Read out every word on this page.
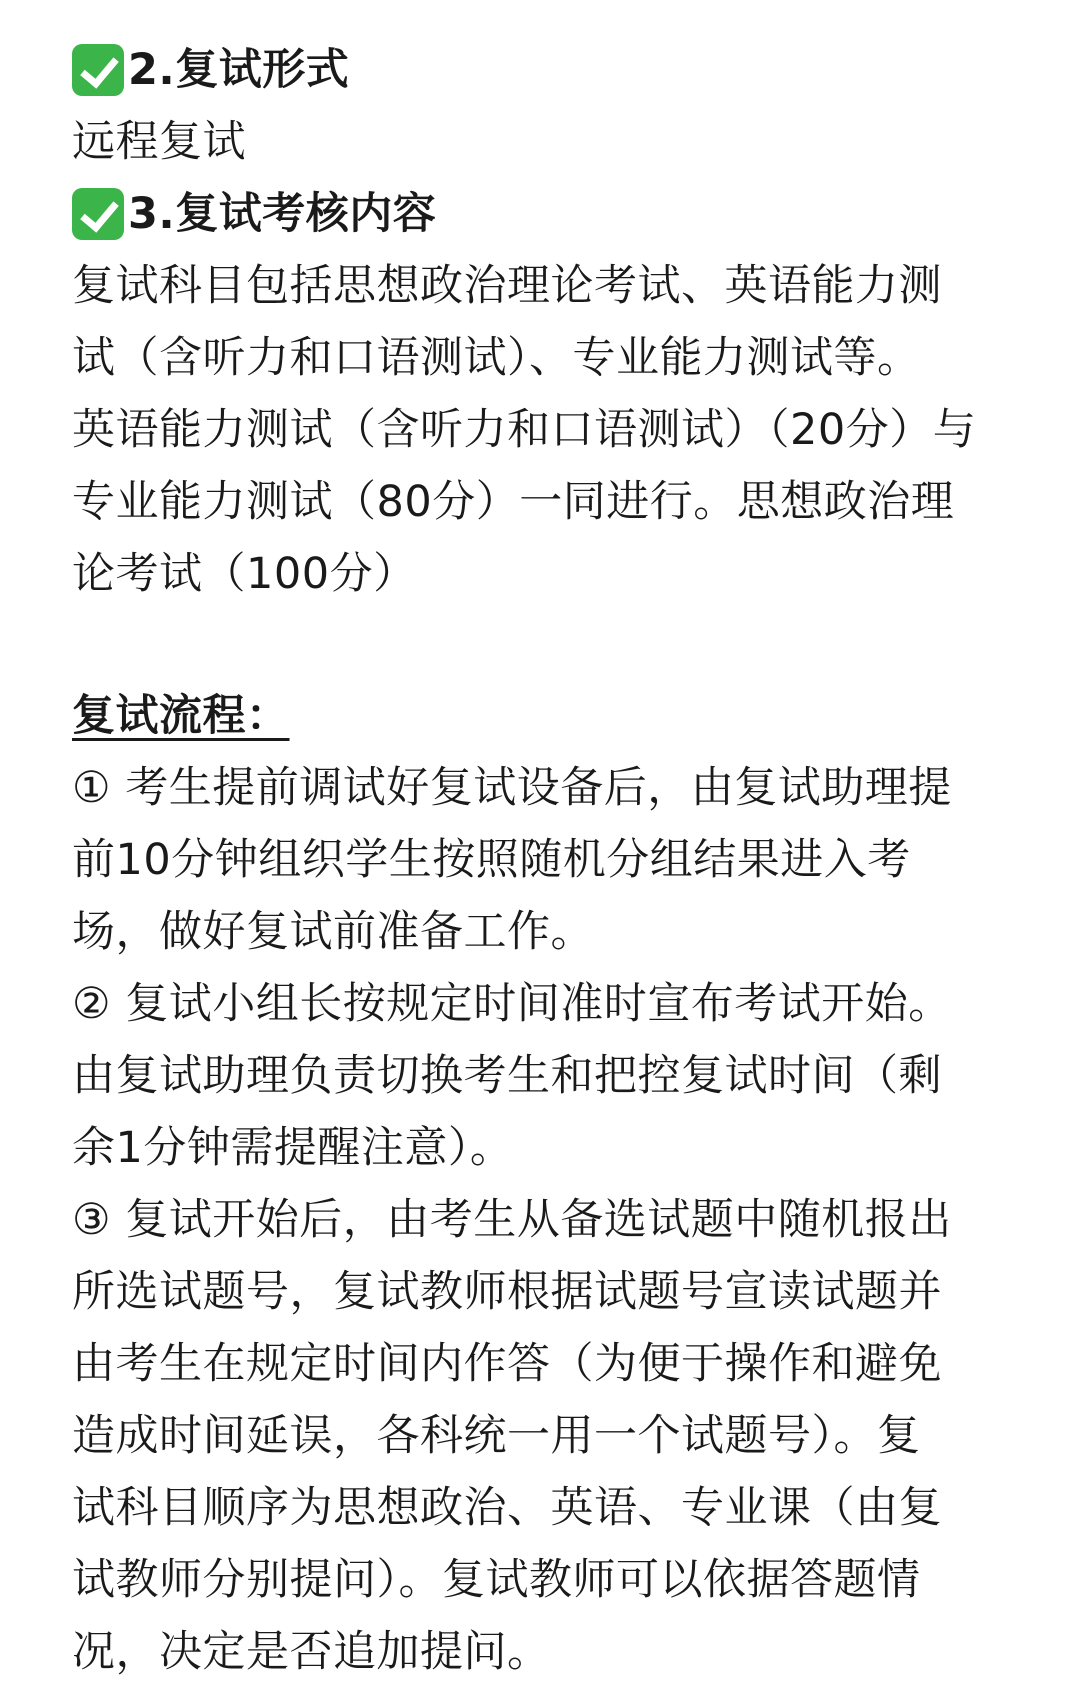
2.复试形式
远程复试
3.复试考核内容
复试科目包括思想政治理论考试、英语能力测
试（含听力和口语测试）、专业能力测试等。
英语能力测试（含听力和口语测试）（20分）与
专业能力测试（80分）一同进行。思想政治理
论考试（100分）
复试流程：
① 考生提前调试好复试设备后，由复试助理提
前10分钟组织学生按照随机分组结果进入考
场，做好复试前准备工作。
② 复试小组长按规定时间准时宣布考试开始。
由复试助理负责切换考生和把控复试时间（剩
余1分钟需提醒注意）。
③ 复试开始后，由考生从备选试题中随机报出
所选试题号，复试教师根据试题号宣读试题并
由考生在规定时间内作答（为便于操作和避免
造成时间延误，各科统一用一个试题号）。复
试科目顺序为思想政治、英语、专业课（由复
试教师分别提问）。复试教师可以依据答题情
况，决定是否追加提问。
